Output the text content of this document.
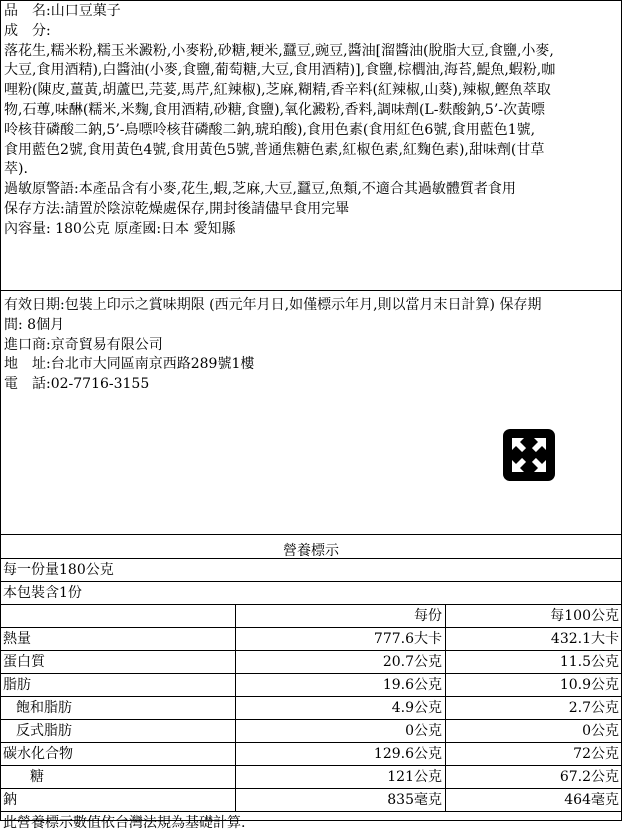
品　名:山口豆菓子
成　分:
落花生,糯米粉,糯玉米澱粉,小麥粉,砂糖,粳米,蠶豆,豌豆,醬油[溜醬油(脫脂大豆,食鹽,小麥,
大豆,食用酒精),白醬油(小麥,食鹽,葡萄糖,大豆,食用酒精)],食鹽,棕櫚油,海苔,鯷魚,蝦粉,咖
哩粉(陳皮,薑黃,胡蘆巴,芫荽,馬芹,紅辣椒),芝麻,糊精,香辛料(紅辣椒,山葵),辣椒,鰹魚萃取
物,石蓴,味醂(糯米,米麴,食用酒精,砂糖,食鹽),氧化澱粉,香料,調味劑(L-麩酸鈉,5’-次黃嘌
呤核苷磷酸二鈉,5’-鳥嘌呤核苷磷酸二鈉,琥珀酸),食用色素(食用紅色6號,食用藍色1號,
食用藍色2號,食用黃色4號,食用黃色5號,普通焦糖色素,紅椒色素,紅麴色素),甜味劑(甘草
萃).
過敏原警語:本產品含有小麥,花生,蝦,芝麻,大豆,蠶豆,魚類,不適合其過敏體質者食用
保存方法:請置於陰涼乾燥處保存,開封後請儘早食用完畢
內容量: 180公克 原產國:日本 愛知縣
有效日期:包裝上印示之賞味期限 (西元年月日,如僅標示年月,則以當月末日計算) 保存期
間: 8個月
進口商:京奇貿易有限公司
地　址:台北市大同區南京西路289號1樓
電　話:02-7716-3155
營養標示
每一份量180公克		
本包裝含1份		
	每份	每100公克
熱量	777.6大卡	432.1大卡
蛋白質	20.7公克	11.5公克
脂肪	19.6公克	10.9公克
飽和脂肪	4.9公克	2.7公克
反式脂肪	0公克	0公克
碳水化合物	129.6公克	72公克
糖	121公克	67.2公克
鈉	835毫克	464毫克
此營養標示數值依台灣法規為基礎計算.		
